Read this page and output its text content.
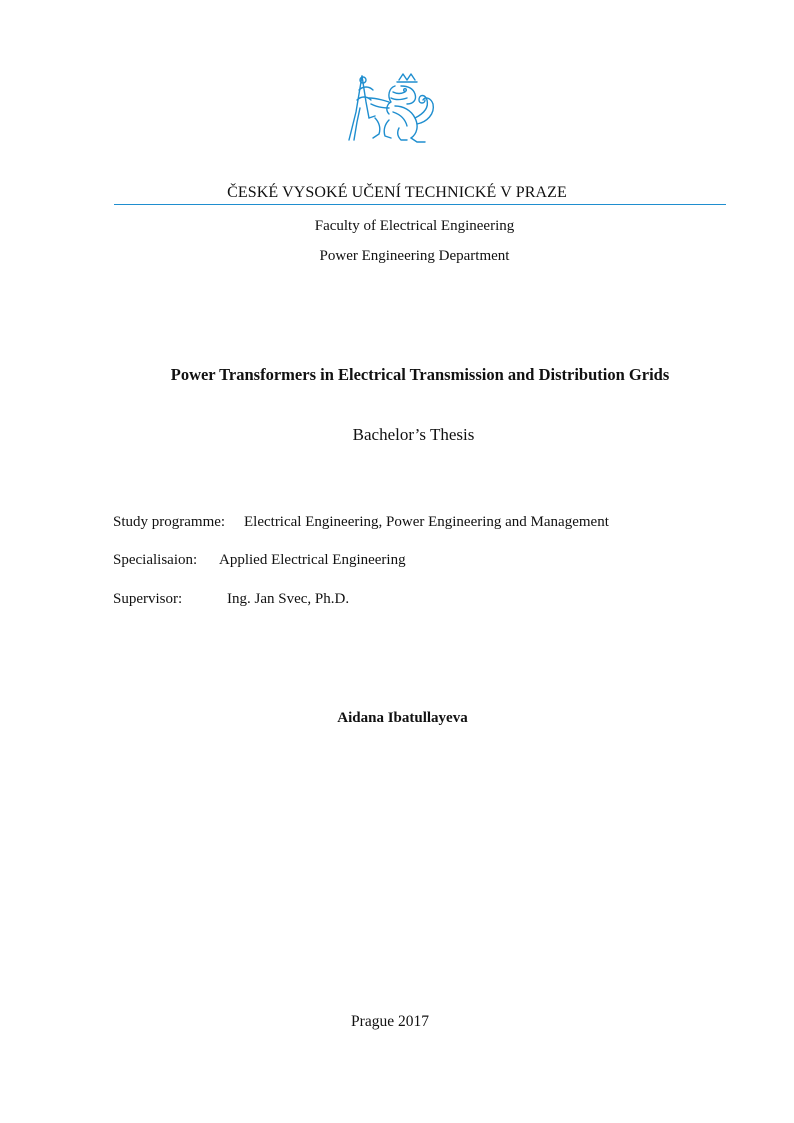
ČESKÉ VYSOKÉ UČENÍ TECHNICKÉ V PRAZE
Faculty of Electrical Engineering
Power Engineering Department
Power Transformers in Electrical Transmission and Distribution Grids
Bachelor’s Thesis
Study programme: Electrical Engineering, Power Engineering and Management
Specialisaion: Applied Electrical Engineering
Supervisor:	Ing. Jan Svec, Ph.D.
Aidana Ibatullayeva
Prague 2017
